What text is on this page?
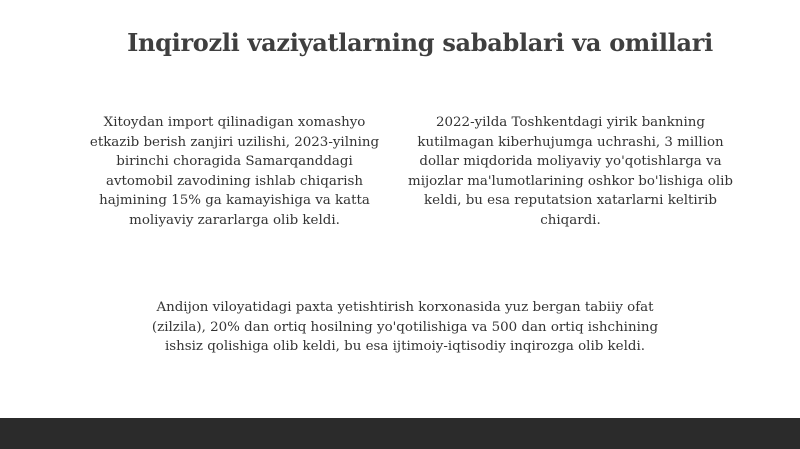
Inqirozli vaziyatlarning sabablari va omillari
Xitoydan import qilinadigan xomashyo etkazib berish zanjiri uzilishi, 2023-yilning birinchi choragida Samarqanddagi avtomobil zavodining ishlab chiqarish hajmining 15% ga kamayishiga va katta moliyaviy zararlarga olib keldi.
2022-yilda Toshkentdagi yirik bankning kutilmagan kiberhujumga uchrashi, 3 million dollar miqdorida moliyaviy yo'qotishlarga va mijozlar ma'lumotlarining oshkor bo'lishiga olib keldi, bu esa reputatsion xatarlarni keltirib chiqardi.
Andijon viloyatidagi paxta yetishtirish korxonasida yuz bergan tabiiy ofat (zilzila), 20% dan ortiq hosilning yo'qotilishiga va 500 dan ortiq ishchining ishsiz qolishiga olib keldi, bu esa ijtimoiy-iqtisodiy inqirozga olib keldi.
